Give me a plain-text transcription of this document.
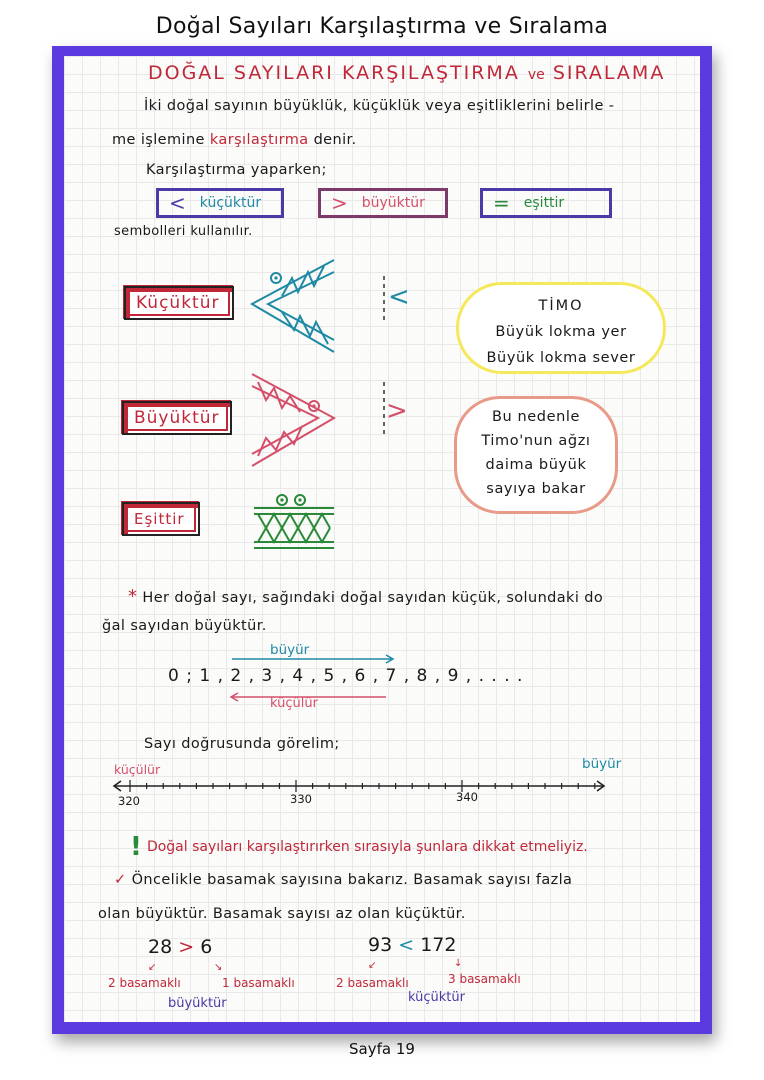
Doğal Sayıları Karşılaştırma ve Sıralama
DOĞAL SAYILARI KARŞILAŞTIRMA ve SIRALAMA
İki doğal sayının büyüklük, küçüklük veya eşitliklerini belirle -
me işlemine karşılaştırma denir.
Karşılaştırma yaparken;
< küçüktür	> büyüktür	= eşittir
sembolleri kullanılır.
Küçüktür
Büyüktür
Eşittir
<
>
TİMO
Büyük lokma yer
Büyük lokma sever
Bu nedenle
Timo'nun ağzı
daima büyük
sayıya bakar
* Her doğal sayı, sağındaki doğal sayıdan küçük, solundaki do
ğal sayıdan büyüktür.
büyür
0 ; 1 , 2 , 3 , 4 , 5 , 6 , 7 , 8 , 9 , . . . .
küçülür
Sayı doğrusunda görelim;
küçülür	büyür
320	330	340
! Doğal sayıları karşılaştırırken sırasıyla şunlara dikkat etmeliyiz.
✓ Öncelikle basamak sayısına bakarız. Basamak sayısı fazla
olan büyüktür. Basamak sayısı az olan küçüktür.
28 > 6
↙	↘
2 basamaklı	1 basamaklı
büyüktür
93 < 172
↙	↓
2 basamaklı	3 basamaklı
küçüktür
Sayfa 19
